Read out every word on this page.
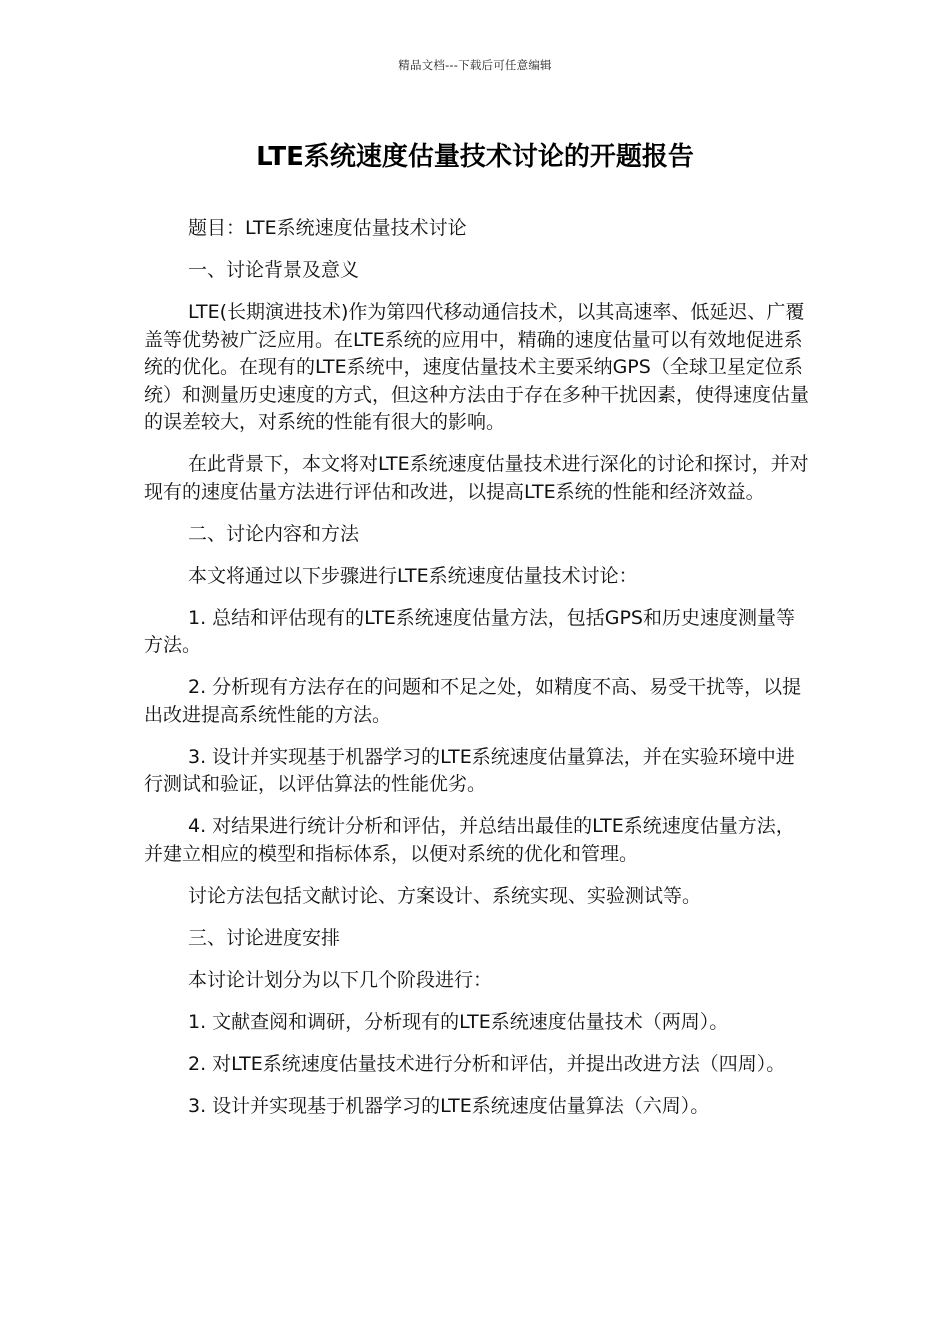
精品文档---下载后可任意编辑
LTE系统速度估量技术讨论的开题报告

题目：LTE系统速度估量技术讨论

一、讨论背景及意义

LTE(长期演进技术)作为第四代移动通信技术，以其高速率、低延迟、广覆盖等优势被广泛应用。在LTE系统的应用中，精确的速度估量可以有效地促进系统的优化。在现有的LTE系统中，速度估量技术主要采纳GPS（全球卫星定位系统）和测量历史速度的方式，但这种方法由于存在多种干扰因素，使得速度估量的误差较大，对系统的性能有很大的影响。

在此背景下，本文将对LTE系统速度估量技术进行深化的讨论和探讨，并对现有的速度估量方法进行评估和改进，以提高LTE系统的性能和经济效益。

二、讨论内容和方法

本文将通过以下步骤进行LTE系统速度估量技术讨论：

1. 总结和评估现有的LTE系统速度估量方法，包括GPS和历史速度测量等方法。

2. 分析现有方法存在的问题和不足之处，如精度不高、易受干扰等，以提出改进提高系统性能的方法。

3. 设计并实现基于机器学习的LTE系统速度估量算法，并在实验环境中进行测试和验证，以评估算法的性能优劣。

4. 对结果进行统计分析和评估，并总结出最佳的LTE系统速度估量方法，并建立相应的模型和指标体系，以便对系统的优化和管理。

讨论方法包括文献讨论、方案设计、系统实现、实验测试等。

三、讨论进度安排

本讨论计划分为以下几个阶段进行：

1. 文献查阅和调研，分析现有的LTE系统速度估量技术（两周）。

2. 对LTE系统速度估量技术进行分析和评估，并提出改进方法（四周）。

3. 设计并实现基于机器学习的LTE系统速度估量算法（六周）。
